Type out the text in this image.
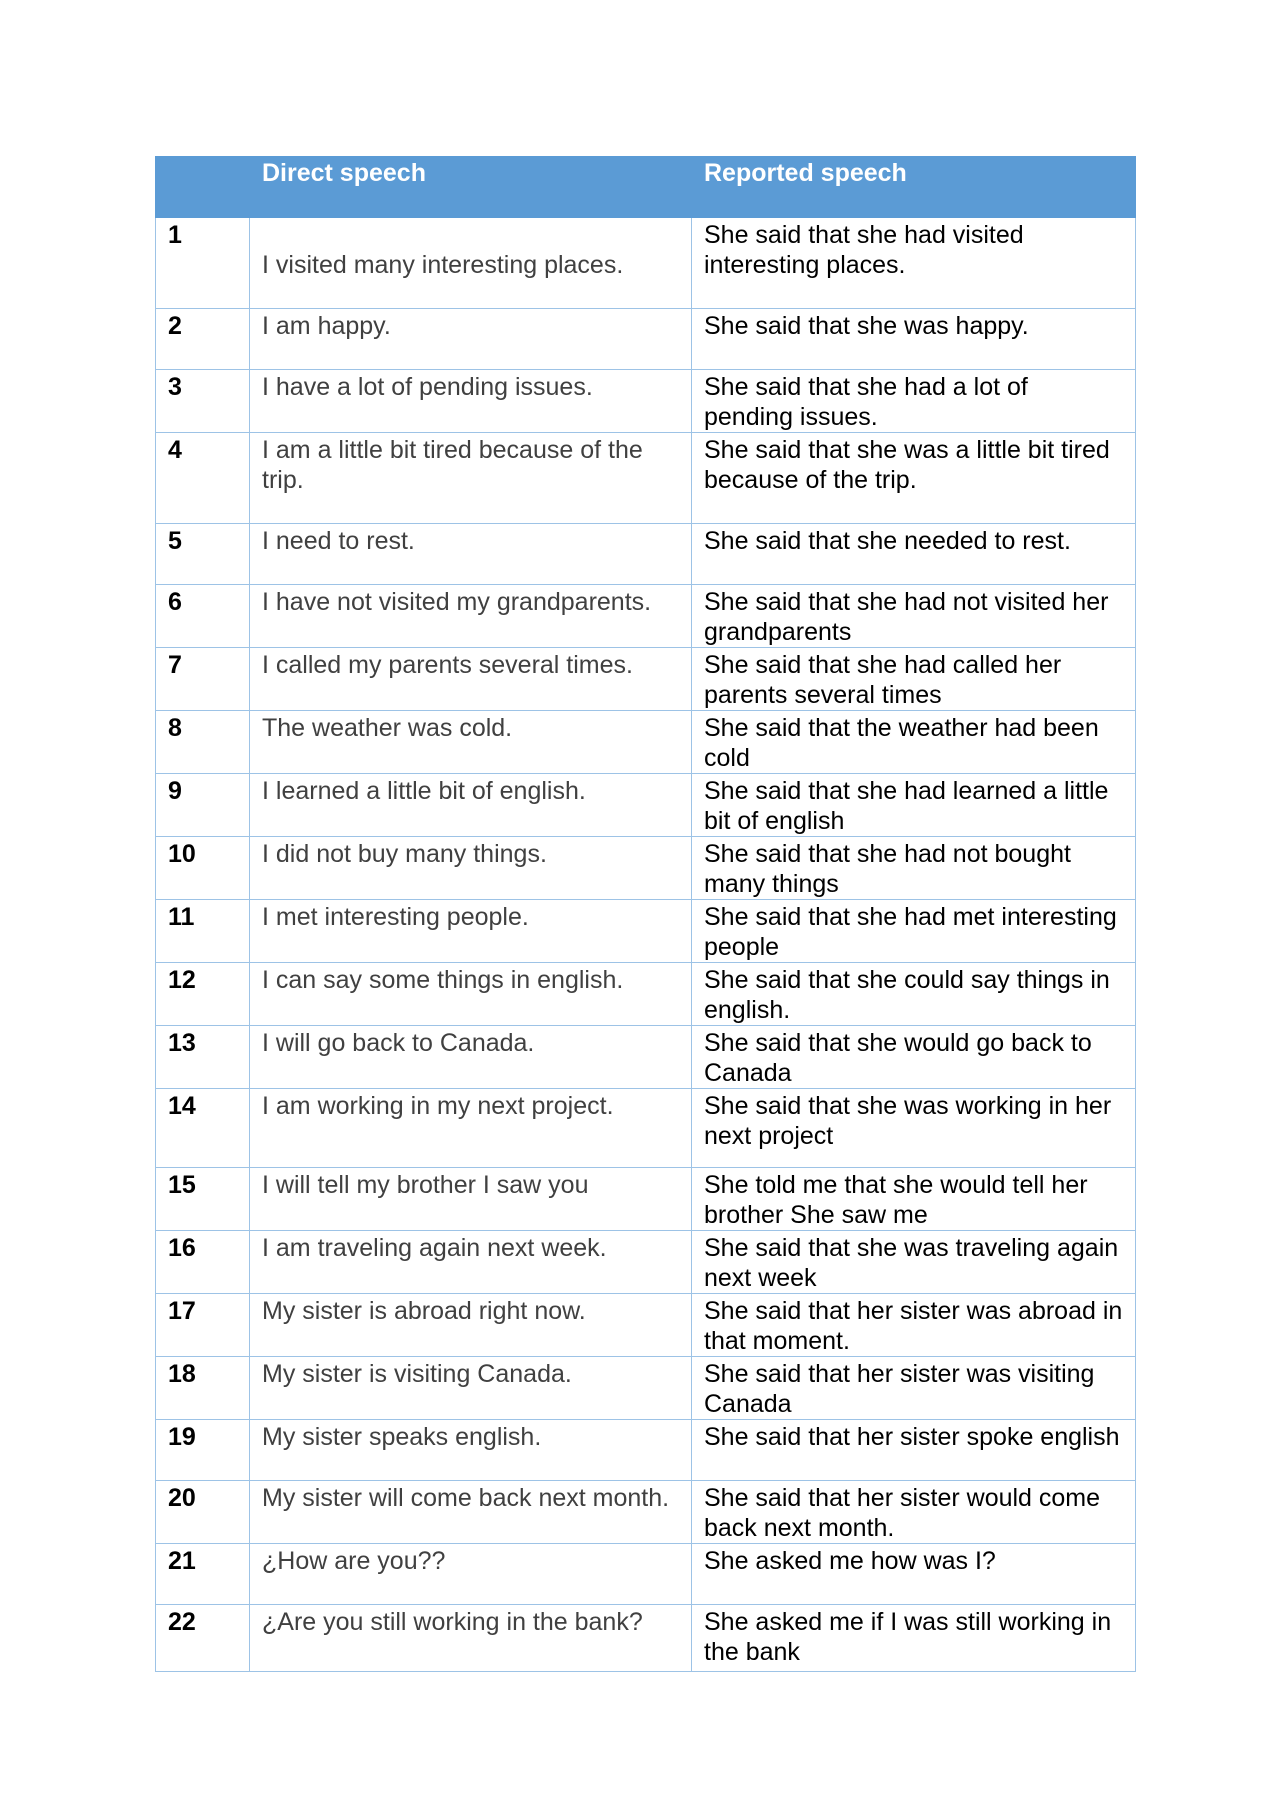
	Direct speech	Reported speech
1	I visited many interesting places.	She said that she had visited interesting places.
2	I am happy.	She said that she was happy.
3	I have a lot of pending issues.	She said that she had a lot of pending issues.
4	I am a little bit tired because of the trip.	She said that she was a little bit tired because of the trip.
5	I need to rest.	She said that she needed to rest.
6	I have not visited my grandparents.	She said that she had not visited her grandparents
7	I called my parents several times.	She said that she had called her parents several times
8	The weather was cold.	She said that the weather had been cold
9	I learned a little bit of english.	She said that she had learned a little bit of english
10	I did not buy many things.	She said that she had not bought many things
11	I met interesting people.	She said that she had met interesting people
12	I can say some things in english.	She said that she could say things in english.
13	I will go back to Canada.	She said that she would go back to Canada
14	I am working in my next project.	She said that she was working in her next project
15	I will tell my brother I saw you	She told me that she would tell her brother She saw me
16	I am traveling again next week.	She said that she was traveling again next week
17	My sister is abroad right now.	She said that her sister was abroad in that moment.
18	My sister is visiting Canada.	She said that her sister was visiting Canada
19	My sister speaks english.	She said that her sister spoke english
20	My sister will come back next month.	She said that her sister would come back next month.
21	¿How are you??	She asked me how was I?
22	¿Are you still working in the bank?	She asked me if I was still working in the bank
